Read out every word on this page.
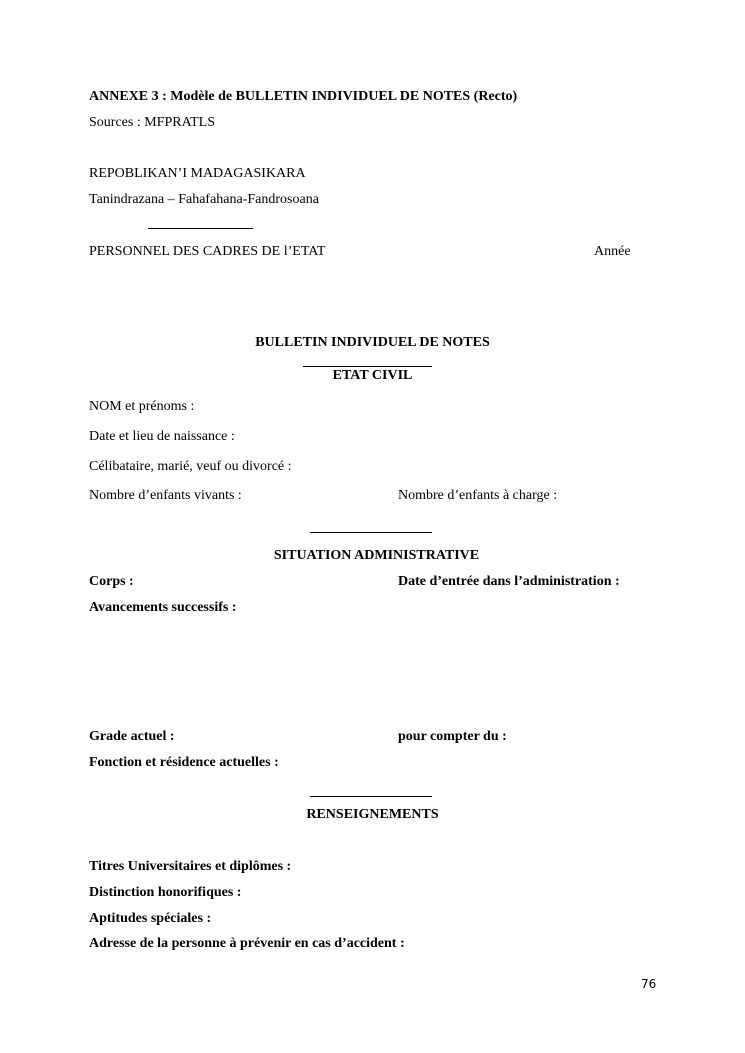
ANNEXE 3 : Modèle de BULLETIN INDIVIDUEL DE NOTES (Recto)
Sources : MFPRATLS
REPOBLIKAN’I MADAGASIKARA
Tanindrazana – Fahafahana-Fandrosoana
PERSONNEL DES CADRES DE l’ETAT	Année
BULLETIN INDIVIDUEL DE NOTES
ETAT CIVIL
NOM et prénoms :
Date et lieu de naissance :
Célibataire, marié, veuf ou divorcé :
Nombre d’enfants vivants :	Nombre d’enfants à charge :
SITUATION ADMINISTRATIVE
Corps :	Date d’entrée dans l’administration :
Avancements successifs :
Grade actuel :	pour compter du :
Fonction et résidence actuelles :
RENSEIGNEMENTS
Titres Universitaires et diplômes :
Distinction honorifiques :
Aptitudes spéciales :
Adresse de la personne à prévenir en cas d’accident :
76
